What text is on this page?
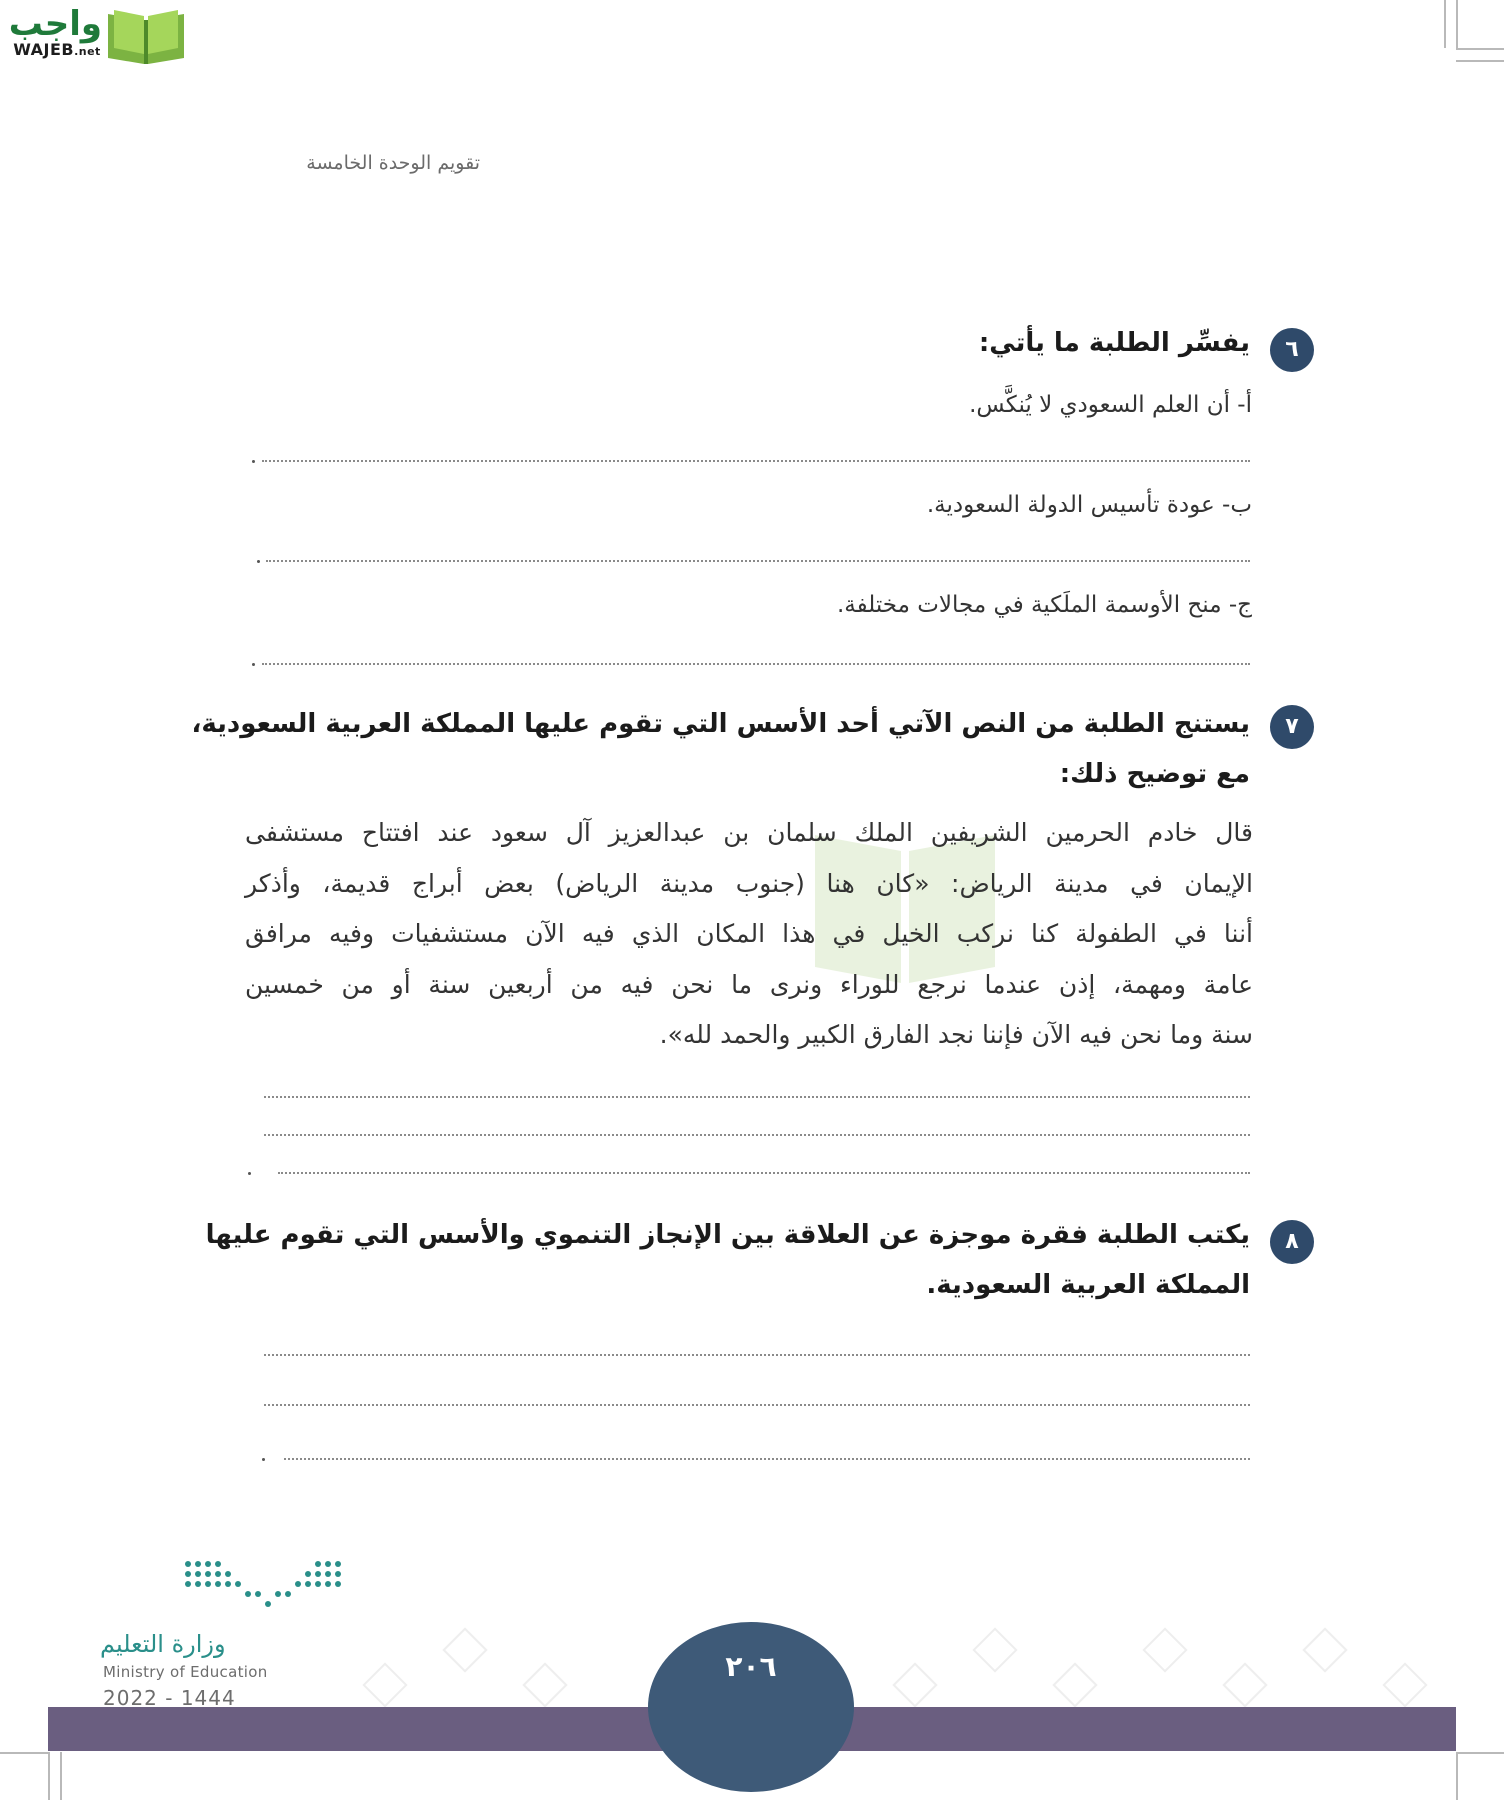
واجب
WAJEB.net
تقويم الوحدة الخامسة
٦
يفسِّر الطلبة ما يأتي:
أ- أن العلم السعودي لا يُنكَّس.
ب- عودة تأسيس الدولة السعودية.
ج- منح الأوسمة الملَكية في مجالات مختلفة.
٧
يستنج الطلبة من النص الآتي أحد الأسس التي تقوم عليها المملكة العربية السعودية،
مع توضيح ذلك:
قال خادم الحرمين الشريفين الملك سلمان بن عبدالعزيز آل سعود عند افتتاح مستشفى
الإيمان في مدينة الرياض: «كان هنا (جنوب مدينة الرياض) بعض أبراج قديمة، وأذكر
أننا في الطفولة كنا نركب الخيل في هذا المكان الذي فيه الآن مستشفيات وفيه مرافق
عامة ومهمة، إذن عندما نرجع للوراء ونرى ما نحن فيه من أربعين سنة أو من خمسين
سنة وما نحن فيه الآن فإننا نجد الفارق الكبير والحمد لله».
٨
يكتب الطلبة فقرة موجزة عن العلاقة بين الإنجاز التنموي والأسس التي تقوم عليها
المملكة العربية السعودية.
٢٠٦
وزارة التعليم
Ministry of Education
2022 - 1444
